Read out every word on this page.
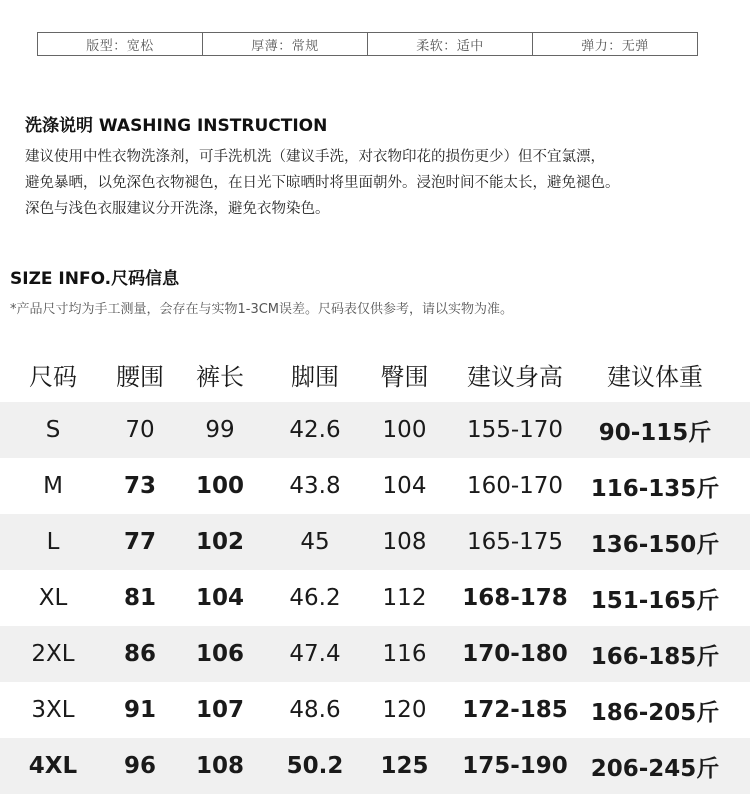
版型：宽松	厚薄：常规	柔软：适中	弹力：无弹
洗涤说明 WASHING INSTRUCTION
建议使用中性衣物洗涤剂，可手洗机洗（建议手洗，对衣物印花的损伤更少）但不宜氯漂，
避免暴晒，以免深色衣物褪色，在日光下晾晒时将里面朝外。浸泡时间不能太长，避免褪色。
深色与浅色衣服建议分开洗涤，避免衣物染色。
SIZE INFO.尺码信息
*产品尺寸均为手工测量，会存在与实物1-3CM误差。尺码表仅供参考，请以实物为准。
尺码	腰围	裤长	脚围	臀围	建议身高	建议体重
S	70	99	42.6	100	155-170	90-115斤
M	73	100	43.8	104	160-170	116-135斤
L	77	102	45	108	165-175	136-150斤
XL	81	104	46.2	112	168-178 151-165斤
2XL	86	106	47.4	116	170-180 166-185斤
3XL	91	107	48.6	120	172-185 186-205斤
4XL	96	108	50.2	125	175-190 206-245斤
